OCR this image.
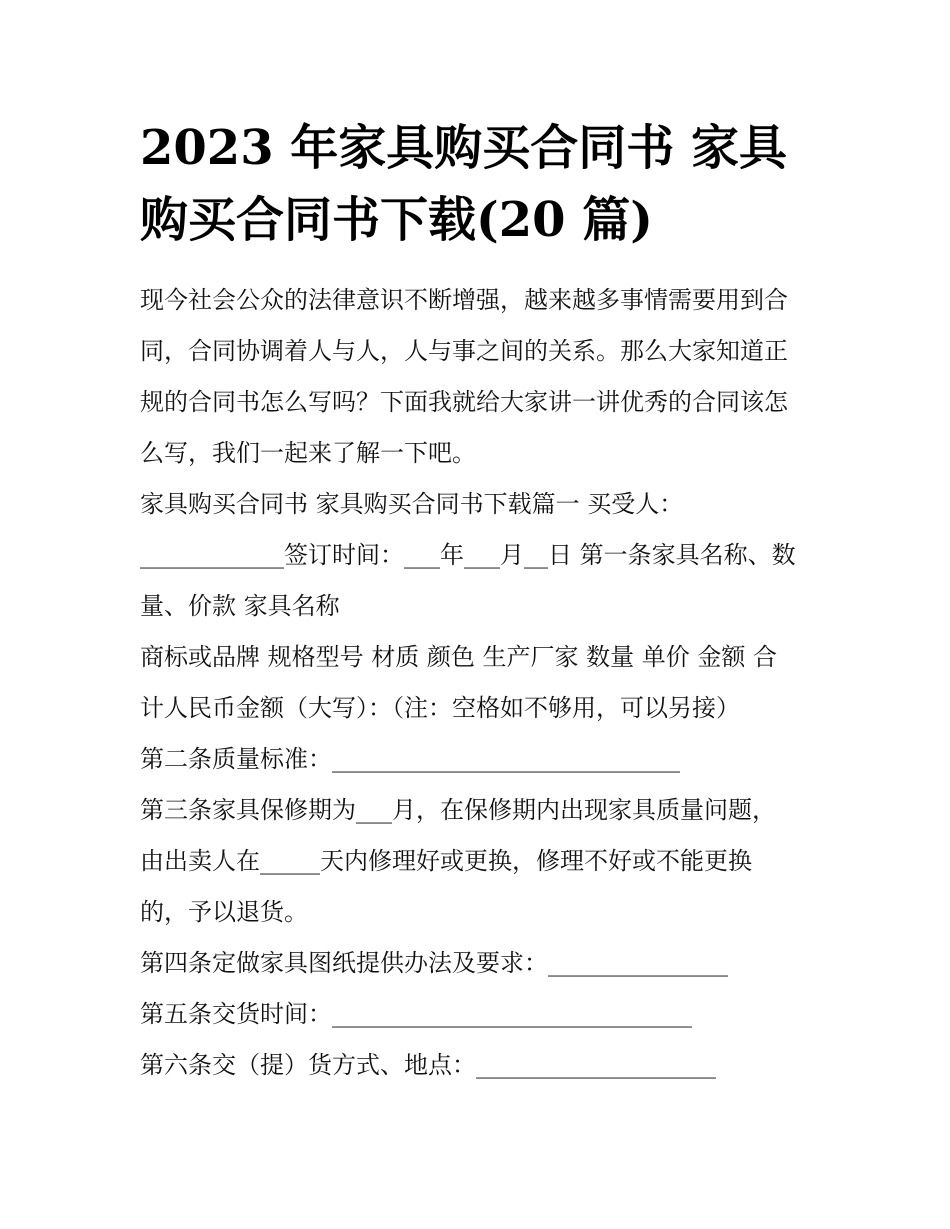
2023 年家具购买合同书 家具
购买合同书下载(20 篇)

现今社会公众的法律意识不断增强，越来越多事情需要用到合

同，合同协调着人与人，人与事之间的关系。那么大家知道正

规的合同书怎么写吗？下面我就给大家讲一讲优秀的合同该怎

么写，我们一起来了解一下吧。

家具购买合同书 家具购买合同书下载篇一 买受人：

____________签订时间：___年___月__日 第一条家具名称、数

量、价款 家具名称

商标或品牌 规格型号 材质 颜色 生产厂家 数量 单价 金额 合

计人民币金额（大写）：（注：空格如不够用，可以另接）

第二条质量标准：_____________________________

第三条家具保修期为___月，在保修期内出现家具质量问题，

由出卖人在_____天内修理好或更换，修理不好或不能更换

的，予以退货。

第四条定做家具图纸提供办法及要求：_______________

第五条交货时间：______________________________

第六条交（提）货方式、地点：____________________
